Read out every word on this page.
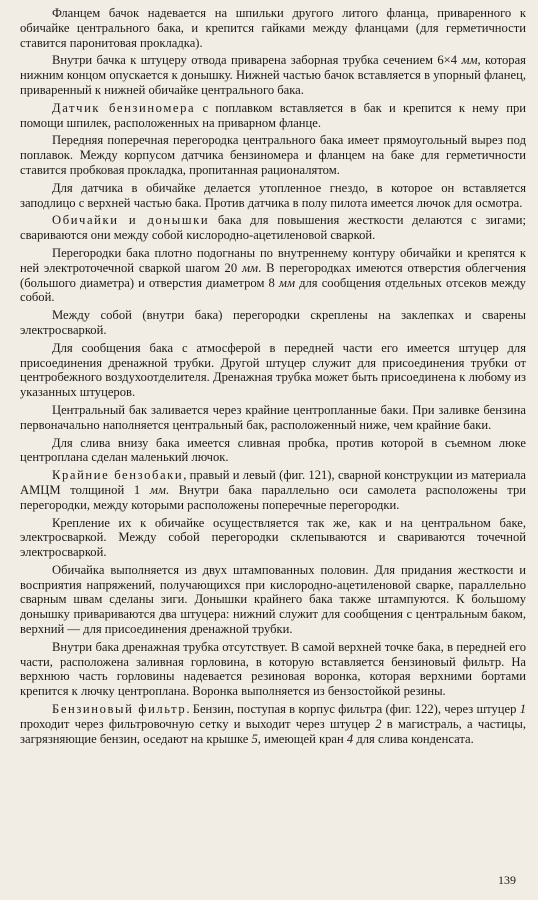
Фланцем бачок надевается на шпильки другого литого фланца, приваренного к обичайке центрального бака, и крепится гайками между фланцами (для герметичности ставится паронитовая прокладка).

Внутри бачка к штуцеру отвода приварена заборная трубка сечением 6×4 мм, которая нижним концом опускается к донышку. Нижней частью бачок вставляется в упорный фланец, приваренный к нижней обичайке центрального бака.

Датчик бензиномера с поплавком вставляется в бак и крепится к нему при помощи шпилек, расположенных на приварном фланце.

Передняя поперечная перегородка центрального бака имеет прямоугольный вырез под поплавок. Между корпусом датчика бензиномера и фланцем на баке для герметичности ставится пробковая прокладка, пропитанная рационалятом.

Для датчика в обичайке делается утопленное гнездо, в которое он вставляется заподлицо с верхней частью бака. Против датчика в полу пилота имеется лючок для осмотра.

Обичайки и донышки бака для повышения жесткости делаются с зигами; свариваются они между собой кислородно-ацетиленовой сваркой.

Перегородки бака плотно подогнаны по внутреннему контуру обичайки и крепятся к ней электроточечной сваркой шагом 20 мм. В перегородках имеются отверстия облегчения (большого диаметра) и отверстия диаметром 8 мм для сообщения отдельных отсеков между собой.

Между собой (внутри бака) перегородки скреплены на заклепках и сварены электросваркой.

Для сообщения бака с атмосферой в передней части его имеется штуцер для присоединения дренажной трубки. Другой штуцер служит для присоединения трубки от центробежного воздухоотделителя. Дренажная трубка может быть присоединена к любому из указанных штуцеров.

Центральный бак заливается через крайние центропланные баки. При заливке бензина первоначально наполняется центральный бак, расположенный ниже, чем крайние баки.

Для слива внизу бака имеется сливная пробка, против которой в съемном люке центроплана сделан маленький лючок.

Крайние бензобаки, правый и левый (фиг. 121), сварной конструкции из материала АМЦМ толщиной 1 мм. Внутри бака параллельно оси самолета расположены три перегородки, между которыми расположены поперечные перегородки.

Крепление их к обичайке осуществляется так же, как и на центральном баке, электросваркой. Между собой перегородки склепываются и свариваются точечной электросваркой.

Обичайка выполняется из двух штампованных половин. Для придания жесткости и восприятия напряжений, получающихся при кислородно-ацетиленовой сварке, параллельно сварным швам сделаны зиги. Донышки крайнего бака также штампуются. К большому донышку привариваются два штуцера: нижний служит для сообщения с центральным баком, верхний — для присоединения дренажной трубки.

Внутри бака дренажная трубка отсутствует. В самой верхней точке бака, в передней его части, расположена заливная горловина, в которую вставляется бензиновый фильтр. На верхнюю часть горловины надевается резиновая воронка, которая верхними бортами крепится к лючку центроплана. Воронка выполняется из бензостойкой резины.

Бензиновый фильтр. Бензин, поступая в корпус фильтра (фиг. 122), через штуцер 1 проходит через фильтровочную сетку и выходит через штуцер 2 в магистраль, а частицы, загрязняющие бензин, оседают на крышке 5, имеющей кран 4 для слива конденсата.

139
